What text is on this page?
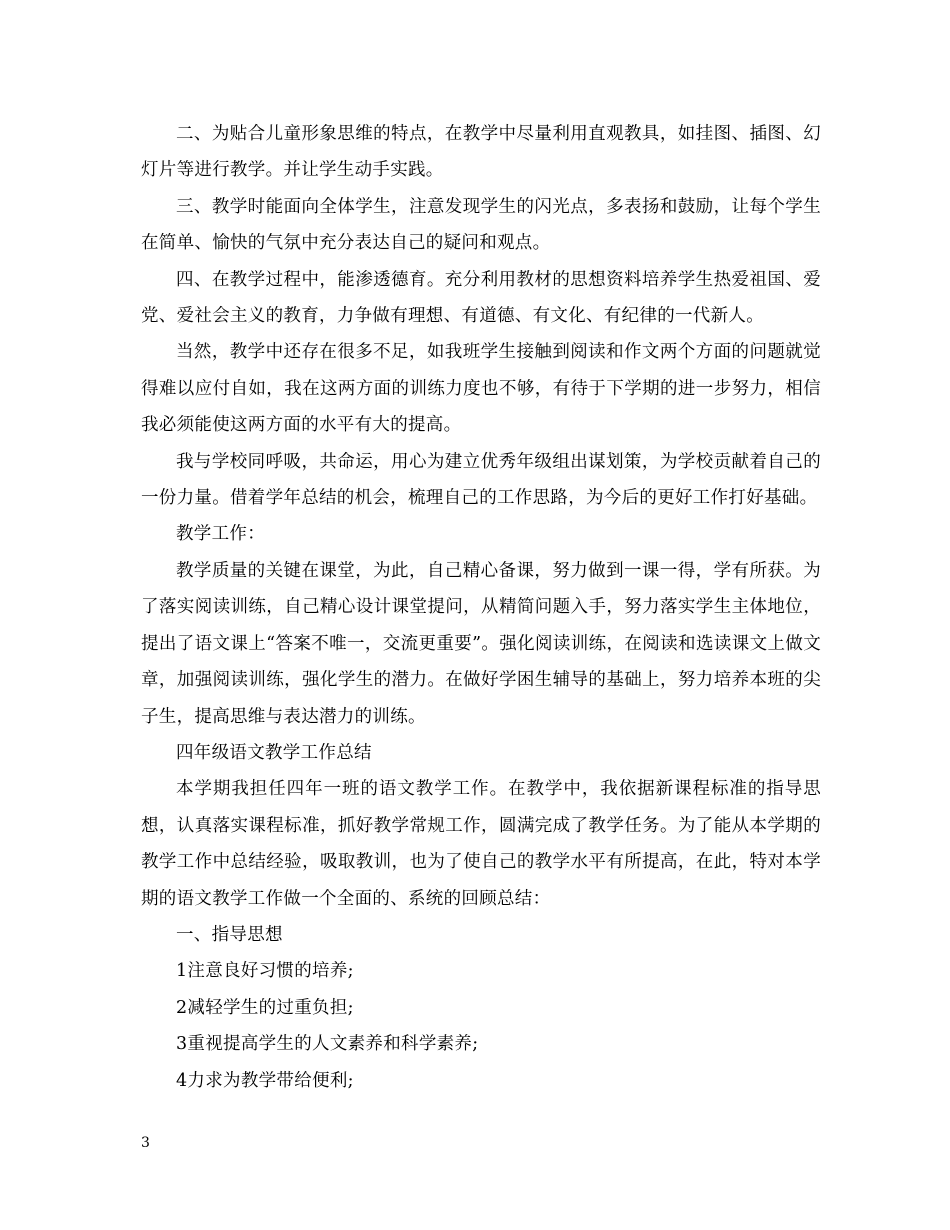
二、为贴合儿童形象思维的特点，在教学中尽量利用直观教具，如挂图、插图、幻灯片等进行教学。并让学生动手实践。

三、教学时能面向全体学生，注意发现学生的闪光点，多表扬和鼓励，让每个学生在简单、愉快的气氛中充分表达自己的疑问和观点。

四、在教学过程中，能渗透德育。充分利用教材的思想资料培养学生热爱祖国、爱党、爱社会主义的教育，力争做有理想、有道德、有文化、有纪律的一代新人。

当然，教学中还存在很多不足，如我班学生接触到阅读和作文两个方面的问题就觉得难以应付自如，我在这两方面的训练力度也不够，有待于下学期的进一步努力，相信我必须能使这两方面的水平有大的提高。

我与学校同呼吸，共命运，用心为建立优秀年级组出谋划策，为学校贡献着自己的一份力量。借着学年总结的机会，梳理自己的工作思路，为今后的更好工作打好基础。

教学工作：

教学质量的关键在课堂，为此，自己精心备课，努力做到一课一得，学有所获。为了落实阅读训练，自己精心设计课堂提问，从精简问题入手，努力落实学生主体地位，提出了语文课上“答案不唯一，交流更重要”。强化阅读训练，在阅读和选读课文上做文章，加强阅读训练，强化学生的潜力。在做好学困生辅导的基础上，努力培养本班的尖子生，提高思维与表达潜力的训练。

四年级语文教学工作总结

本学期我担任四年一班的语文教学工作。在教学中，我依据新课程标准的指导思想，认真落实课程标准，抓好教学常规工作，圆满完成了教学任务。为了能从本学期的教学工作中总结经验，吸取教训，也为了使自己的教学水平有所提高，在此，特对本学期的语文教学工作做一个全面的、系统的回顾总结：

一、指导思想

1注意良好习惯的培养;

2减轻学生的过重负担;

3重视提高学生的人文素养和科学素养;

4力求为教学带给便利;

3
